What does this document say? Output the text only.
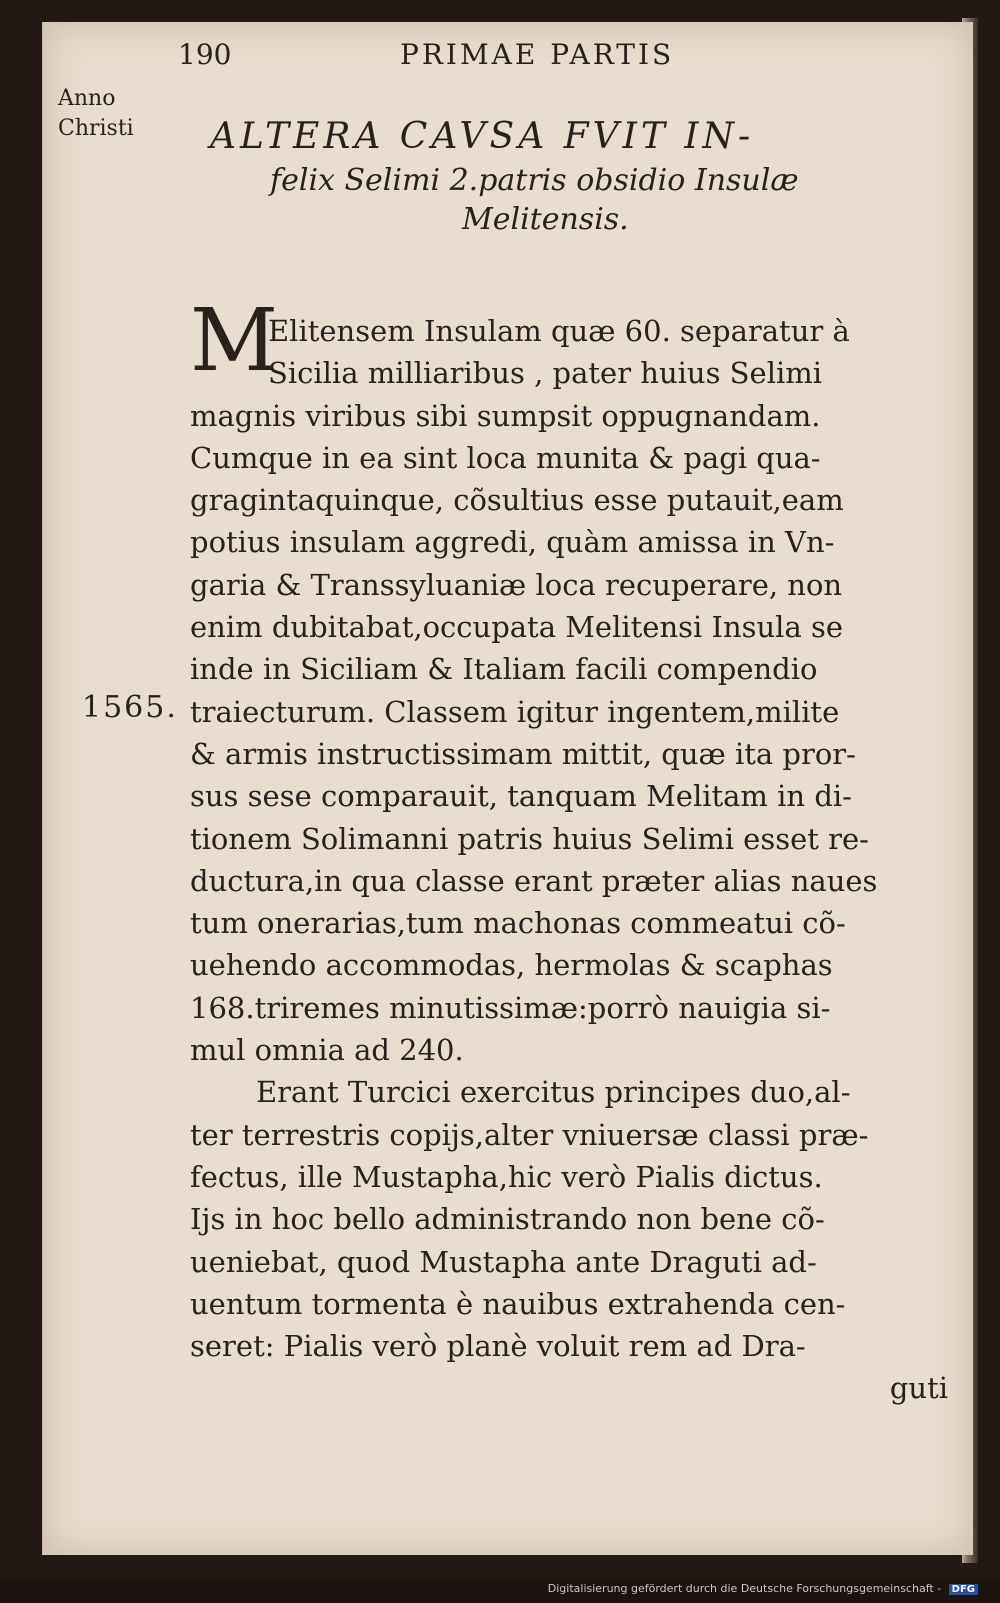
190	PRIMAE PARTIS
Anno
Christi
1565.
ALTERA CAVSA FVIT IN-
felix Selimi 2.patris obsidio Insulæ
Melitensis.
M
Elitensem Insulam quæ 60. separatur à
Sicilia milliaribus , pater huius Selimi
magnis viribus sibi sumpsit oppugnandam.
Cumque in ea sint loca munita & pagi qua-
gragintaquinque, cõsultius esse putauit,eam
potius insulam aggredi, quàm amissa in Vn-
garia & Transsyluaniæ loca recuperare, non
enim dubitabat,occupata Melitensi Insula se
inde in Siciliam & Italiam facili compendio
traiecturum. Classem igitur ingentem,milite
& armis instructissimam mittit, quæ ita pror-
sus sese comparauit, tanquam Melitam in di-
tionem Solimanni patris huius Selimi esset re-
ductura,in qua classe erant præter alias naues
tum onerarias,tum machonas commeatui cõ-
uehendo accommodas, hermolas & scaphas
168.triremes minutissimæ:porrò nauigia si-
mul omnia ad 240.
Erant Turcici exercitus principes duo,al-
ter terrestris copijs,alter vniuersæ classi præ-
fectus, ille Mustapha,hic verò Pialis dictus.
Ijs in hoc bello administrando non bene cõ-
ueniebat, quod Mustapha ante Draguti ad-
uentum tormenta è nauibus extrahenda cen-
seret: Pialis verò planè voluit rem ad Dra-
guti
Digitalisierung gefördert durch die Deutsche Forschungsgemeinschaft - DFG
